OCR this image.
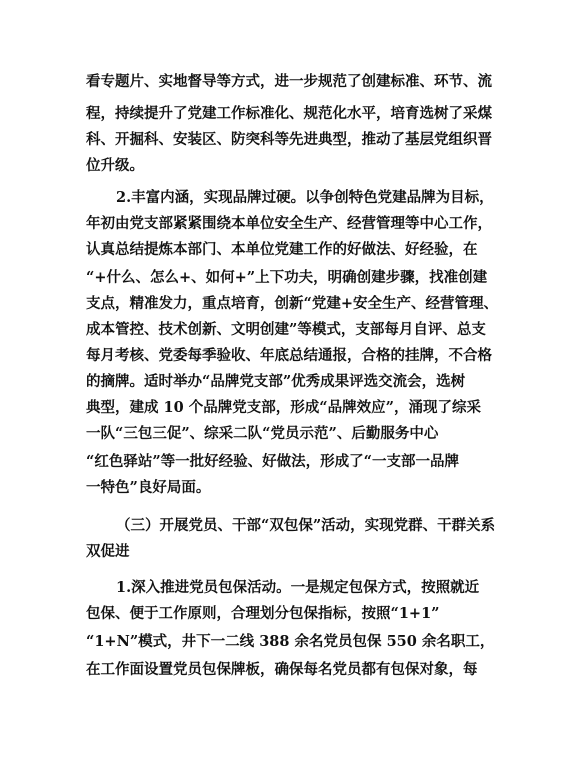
看专题片、实地督导等方式，进一步规范了创建标准、环节、流
程，持续提升了党建工作标准化、规范化水平，培育选树了采煤
科、开掘科、安装区、防突科等先进典型，推动了基层党组织晋
位升级。
2.丰富内涵，实现品牌过硬。以争创特色党建品牌为目标，
年初由党支部紧紧围绕本单位安全生产、经营管理等中心工作，
认真总结提炼本部门、本单位党建工作的好做法、好经验，在
“+什么、怎么+、如何+”上下功夫，明确创建步骤，找准创建
支点，精准发力，重点培育，创新“党建+安全生产、经营管理、
成本管控、技术创新、文明创建”等模式，支部每月自评、总支
每月考核、党委每季验收、年底总结通报，合格的挂牌，不合格
的摘牌。适时举办“品牌党支部”优秀成果评选交流会，选树
典型，建成 10 个品牌党支部，形成“品牌效应”，涌现了综采
一队“三包三促”、综采二队“党员示范”、后勤服务中心
“红色驿站”等一批好经验、好做法，形成了“一支部一品牌
一特色”良好局面。
（三）开展党员、干部“双包保”活动，实现党群、干群关系
双促进
1.深入推进党员包保活动。一是规定包保方式，按照就近
包保、便于工作原则，合理划分包保指标，按照“1+1”
“1+N”模式，井下一二线 388 余名党员包保 550 余名职工，
在工作面设置党员包保牌板，确保每名党员都有包保对象，每
